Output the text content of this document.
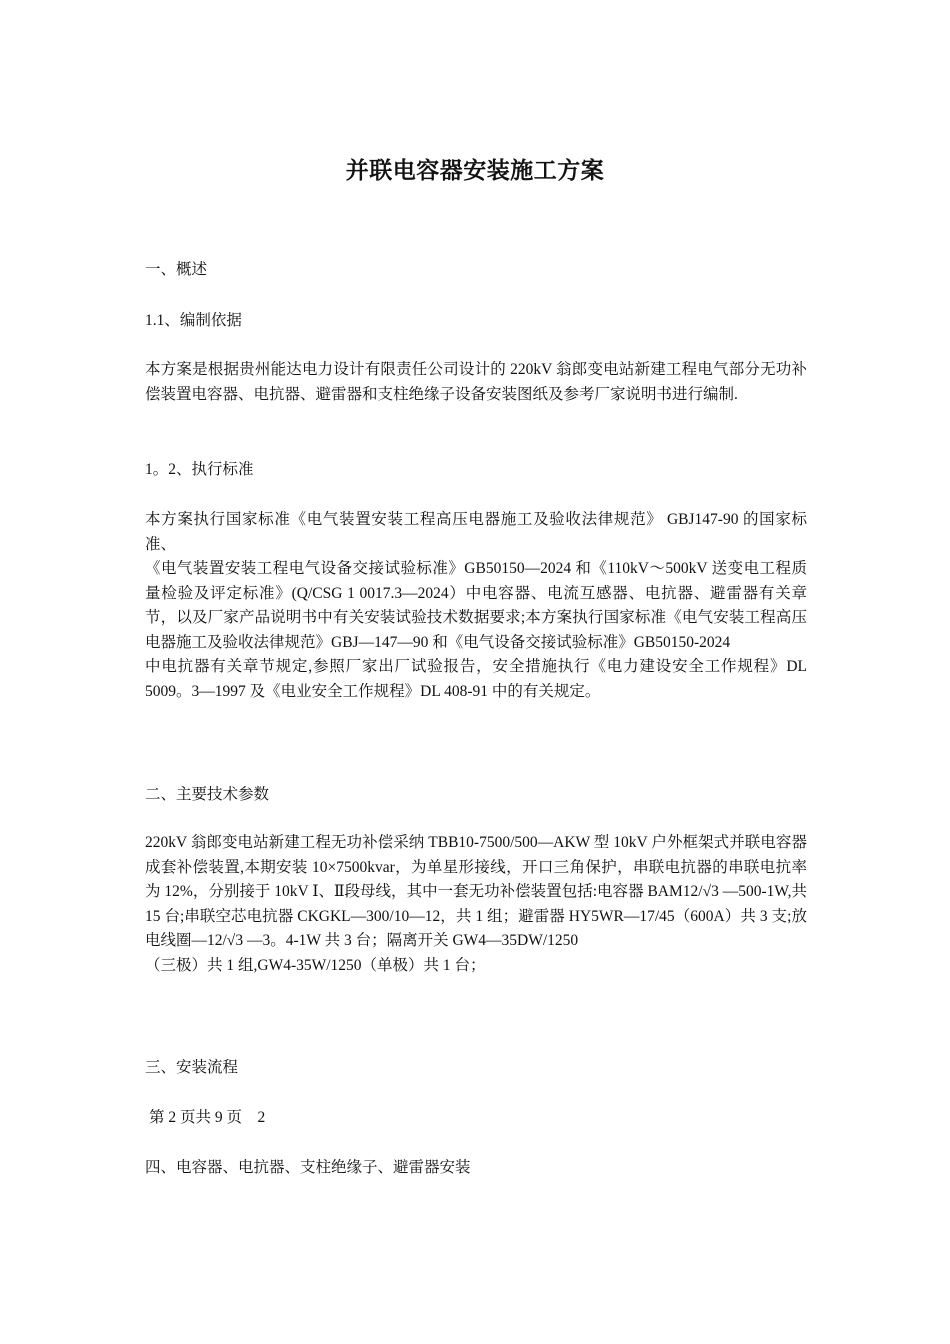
并联电容器安装施工方案
一、概述
1.1、编制依据
本方案是根据贵州能达电力设计有限责任公司设计的 220kV 翁郎变电站新建工程电气部分无功补偿装置电容器、电抗器、避雷器和支柱绝缘子设备安装图纸及参考厂家说明书进行编制.
1。2、执行标准

本方案执行国家标准《电气装置安装工程高压电器施工及验收法律规范》 GBJ147-90 的国家标准、

《电气装置安装工程电气设备交接试验标准》GB50150—2024 和《110kV～500kV 送变电工程质量检验及评定标准》(Q/CSG 1 0017.3—2024）中电容器、电流互感器、电抗器、避雷器有关章节，以及厂家产品说明书中有关安装试验技术数据要求;本方案执行国家标准《电气安装工程高压电器施工及验收法律规范》GBJ—147—90 和《电气设备交接试验标准》GB50150-2024

中电抗器有关章节规定,参照厂家出厂试验报告，安全措施执行《电力建设安全工作规程》DL 5009。3—1997 及《电业安全工作规程》DL 408-91 中的有关规定。

二、主要技术参数

220kV 翁郎变电站新建工程无功补偿采纳 TBB10-7500/500—AKW 型 10kV 户外框架式并联电容器成套补偿装置,本期安装 10×7500kvar，为单星形接线，开口三角保护，串联电抗器的串联电抗率为 12%，分别接于 10kV Ⅰ、Ⅱ段母线，其中一套无功补偿装置包括:电容器 BAM12/√3 —500-1W,共 15 台;串联空芯电抗器 CKGKL—300/10—12，共 1 组；避雷器 HY5WR—17/45（600A）共 3 支;放电线圈—12/√3 —3。4-1W 共 3 台；隔离开关 GW4—35DW/1250

（三极）共 1 组,GW4-35W/1250（单极）共 1 台；

三、安装流程
第 2 页共 9 页    2
四、电容器、电抗器、支柱绝缘子、避雷器安装
